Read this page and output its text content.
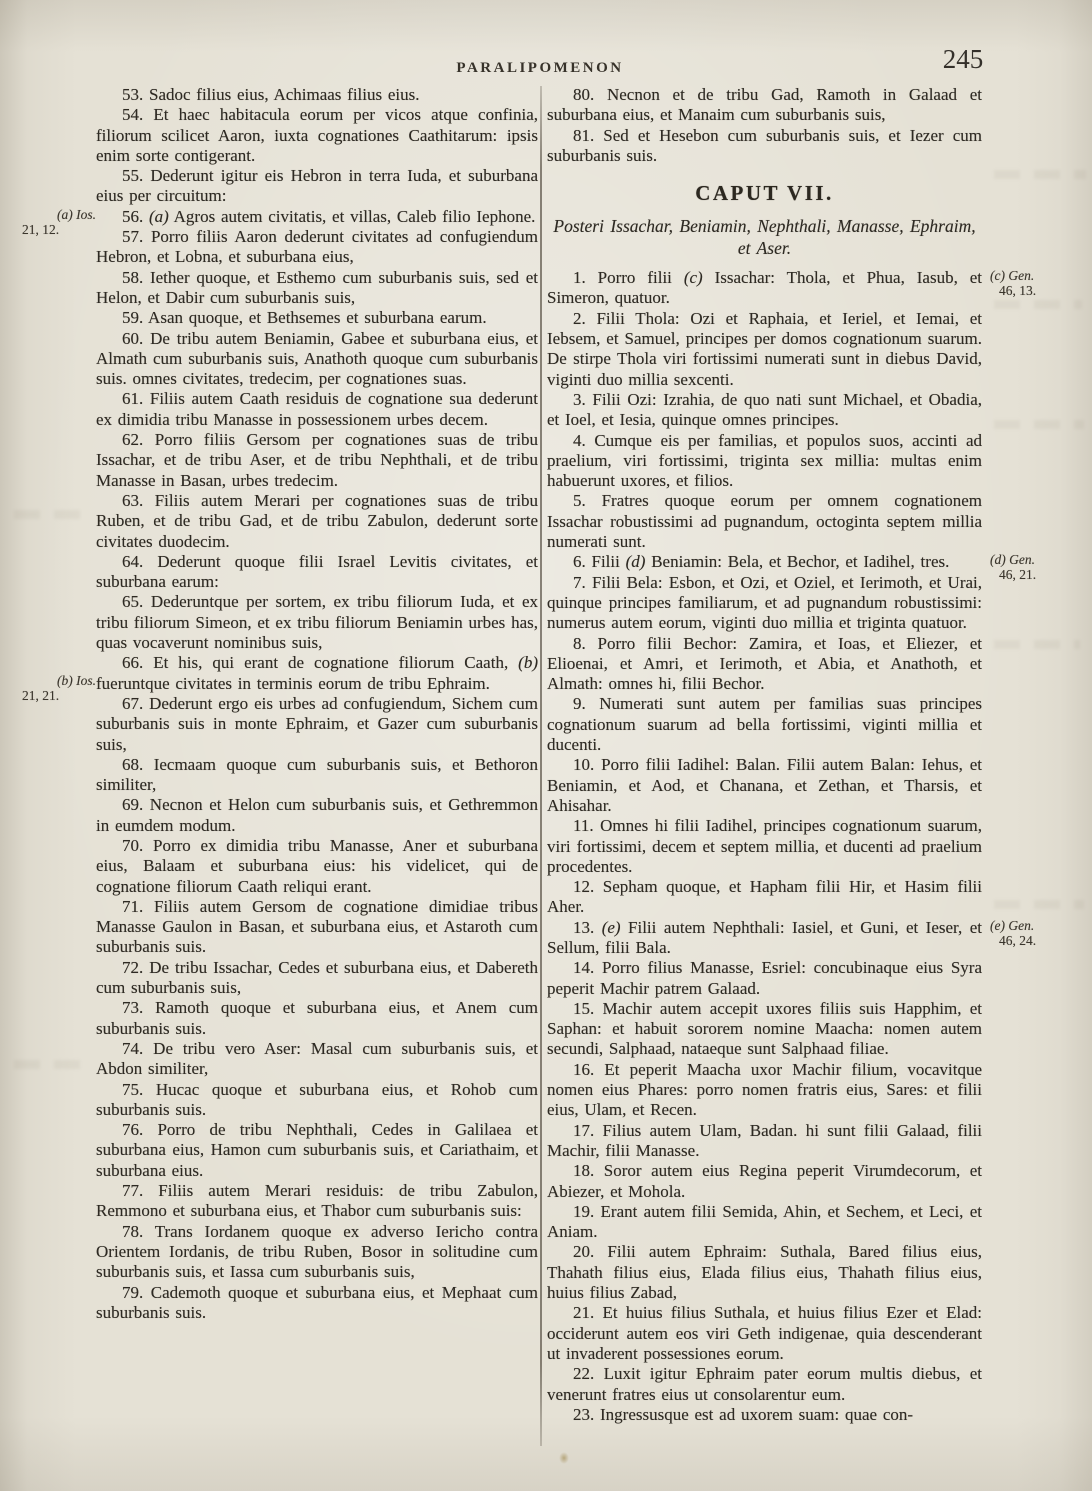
PARALIPOMENON	245

53. Sadoc filius eius, Achimaas filius eius.

54. Et haec habitacula eorum per vicos atque confinia, filiorum scilicet Aaron, iuxta cognationes Caathitarum: ipsis enim sorte contigerant.

55. Dederunt igitur eis Hebron in terra Iuda, et suburbana eius per circuitum:

56. (a) Agros autem civitatis, et villas, Caleb filio Iephone.

57. Porro filiis Aaron dederunt civitates ad confugiendum Hebron, et Lobna, et suburbana eius,

58. Iether quoque, et Esthemo cum suburbanis suis, sed et Helon, et Dabir cum suburbanis suis,

59. Asan quoque, et Bethsemes et suburbana earum.

60. De tribu autem Beniamin, Gabee et suburbana eius, et Almath cum suburbanis suis, Anathoth quoque cum suburbanis suis. omnes civitates, tredecim, per cognationes suas.

61. Filiis autem Caath residuis de cognatione sua dederunt ex dimidia tribu Manasse in possessionem urbes decem.

62. Porro filiis Gersom per cognationes suas de tribu Issachar, et de tribu Aser, et de tribu Nephthali, et de tribu Manasse in Basan, urbes tredecim.

63. Filiis autem Merari per cognationes suas de tribu Ruben, et de tribu Gad, et de tribu Zabulon, dederunt sorte civitates duodecim.

64. Dederunt quoque filii Israel Levitis civitates, et suburbana earum:

65. Dederuntque per sortem, ex tribu filiorum Iuda, et ex tribu filiorum Simeon, et ex tribu filiorum Beniamin urbes has, quas vocaverunt nominibus suis,

66. Et his, qui erant de cognatione filiorum Caath, (b) fueruntque civitates in terminis eorum de tribu Ephraim.

67. Dederunt ergo eis urbes ad confugiendum, Sichem cum suburbanis suis in monte Ephraim, et Gazer cum suburbanis suis,

68. Iecmaam quoque cum suburbanis suis, et Bethoron similiter,

69. Necnon et Helon cum suburbanis suis, et Gethremmon in eumdem modum.

70. Porro ex dimidia tribu Manasse, Aner et suburbana eius, Balaam et suburbana eius: his videlicet, qui de cognatione filiorum Caath reliqui erant.

71. Filiis autem Gersom de cognatione dimidiae tribus Manasse Gaulon in Basan, et suburbana eius, et Astaroth cum suburbanis suis.

72. De tribu Issachar, Cedes et suburbana eius, et Dabereth cum suburbanis suis,

73. Ramoth quoque et suburbana eius, et Anem cum suburbanis suis.

74. De tribu vero Aser: Masal cum suburbanis suis, et Abdon similiter,

75. Hucac quoque et suburbana eius, et Rohob cum suburbanis suis.

76. Porro de tribu Nephthali, Cedes in Galilaea et suburbana eius, Hamon cum suburbanis suis, et Cariathaim, et suburbana eius.

77. Filiis autem Merari residuis: de tribu Zabulon, Remmono et suburbana eius, et Thabor cum suburbanis suis:

78. Trans Iordanem quoque ex adverso Iericho contra Orientem Iordanis, de tribu Ruben, Bosor in solitudine cum suburbanis suis, et Iassa cum suburbanis suis,

79. Cademoth quoque et suburbana eius, et Mephaat cum suburbanis suis.

80. Necnon et de tribu Gad, Ramoth in Galaad et suburbana eius, et Manaim cum suburbanis suis,

81. Sed et Hesebon cum suburbanis suis, et Iezer cum suburbanis suis.

CAPUT VII.

Posteri Issachar, Beniamin, Nephthali, Manasse, Ephraim, et Aser.

1. Porro filii (c) Issachar: Thola, et Phua, Iasub, et Simeron, quatuor.

2. Filii Thola: Ozi et Raphaia, et Ieriel, et Iemai, et Iebsem, et Samuel, principes per domos cognationum suarum. De stirpe Thola viri fortissimi numerati sunt in diebus David, viginti duo millia sexcenti.

3. Filii Ozi: Izrahia, de quo nati sunt Michael, et Obadia, et Ioel, et Iesia, quinque omnes principes.

4. Cumque eis per familias, et populos suos, accinti ad praelium, viri fortissimi, triginta sex millia: multas enim habuerunt uxores, et filios.

5. Fratres quoque eorum per omnem cognationem Issachar robustissimi ad pugnandum, octoginta septem millia numerati sunt.

6. Filii (d) Beniamin: Bela, et Bechor, et Iadihel, tres.

7. Filii Bela: Esbon, et Ozi, et Oziel, et Ierimoth, et Urai, quinque principes familiarum, et ad pugnandum robustissimi: numerus autem eorum, viginti duo millia et triginta quatuor.

8. Porro filii Bechor: Zamira, et Ioas, et Eliezer, et Elioenai, et Amri, et Ierimoth, et Abia, et Anathoth, et Almath: omnes hi, filii Bechor.

9. Numerati sunt autem per familias suas principes cognationum suarum ad bella fortissimi, viginti millia et ducenti.

10. Porro filii Iadihel: Balan. Filii autem Balan: Iehus, et Beniamin, et Aod, et Chanana, et Zethan, et Tharsis, et Ahisahar.

11. Omnes hi filii Iadihel, principes cognationum suarum, viri fortissimi, decem et septem millia, et ducenti ad praelium procedentes.

12. Sepham quoque, et Hapham filii Hir, et Hasim filii Aher.

13. (e) Filii autem Nephthali: Iasiel, et Guni, et Ieser, et Sellum, filii Bala.

14. Porro filius Manasse, Esriel: concubinaque eius Syra peperit Machir patrem Galaad.

15. Machir autem accepit uxores filiis suis Happhim, et Saphan: et habuit sororem nomine Maacha: nomen autem secundi, Salphaad, nataeque sunt Salphaad filiae.

16. Et peperit Maacha uxor Machir filium, vocavitque nomen eius Phares: porro nomen fratris eius, Sares: et filii eius, Ulam, et Recen.

17. Filius autem Ulam, Badan. hi sunt filii Galaad, filii Machir, filii Manasse.

18. Soror autem eius Regina peperit Virumdecorum, et Abiezer, et Mohola.

19. Erant autem filii Semida, Ahin, et Sechem, et Leci, et Aniam.

20. Filii autem Ephraim: Suthala, Bared filius eius, Thahath filius eius, Elada filius eius, Thahath filius eius, huius filius Zabad,

21. Et huius filius Suthala, et huius filius Ezer et Elad: occiderunt autem eos viri Geth indigenae, quia descenderant ut invaderent possessiones eorum.

22. Luxit igitur Ephraim pater eorum multis diebus, et venerunt fratres eius ut consolarentur eum.

23. Ingressusque est ad uxorem suam: quae con-

(a) Ios.
21, 12.
(b) Ios.
21, 21.
(c) Gen.
46, 13.
(d) Gen.
46, 21.
(e) Gen.
46, 24.
